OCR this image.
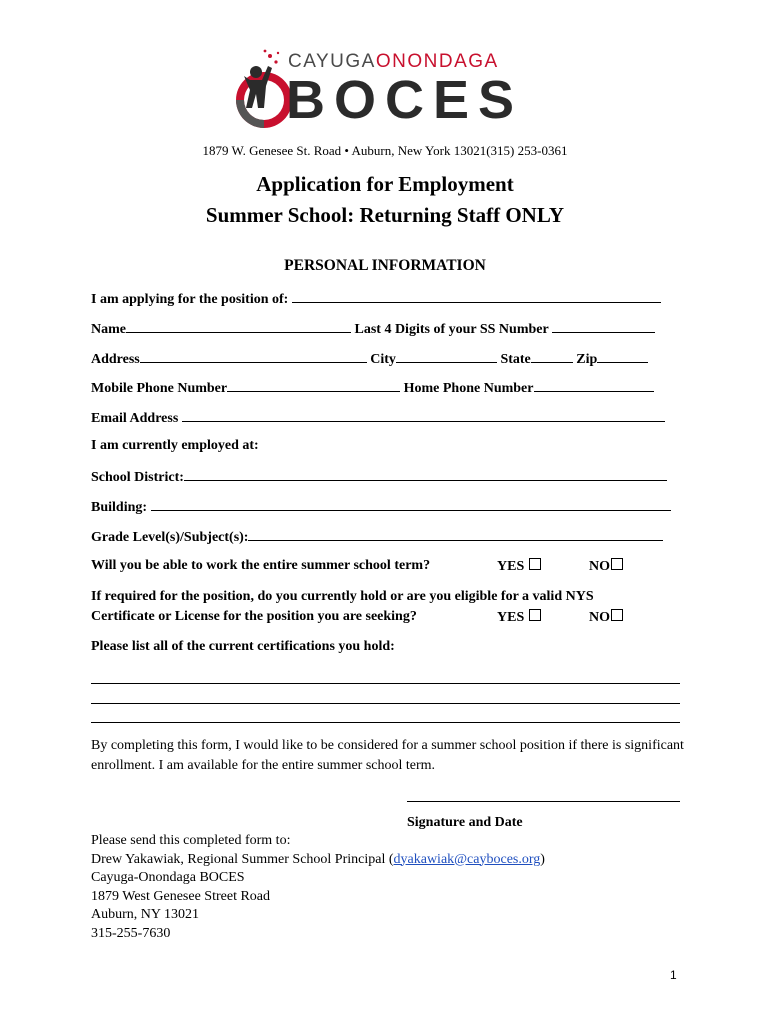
CAYUGAONONDAGA
BOCES
1879 W. Genesee St. Road • Auburn, New York 13021(315) 253-0361
Application for Employment
Summer School: Returning Staff ONLY
PERSONAL INFORMATION
I am applying for the position of:
Name	Last 4 Digits of your SS Number
Address	City	State	Zip
Mobile Phone Number	Home Phone Number
Email Address
I am currently employed at:
School District:
Building:
Grade Level(s)/Subject(s):
Will you be able to work the entire summer school term?	YES	NO
If required for the position, do you currently hold or are you eligible for a valid NYS
Certificate or License for the position you are seeking?	YES	NO
Please list all of the current certifications you hold:
By completing this form, I would like to be considered for a summer school position if there is significant enrollment. I am available for the entire summer school term.
Signature and Date
Please send this completed form to:
Drew Yakawiak, Regional Summer School Principal (dyakawiak@cayboces.org)
Cayuga-Onondaga BOCES
1879 West Genesee Street Road
Auburn, NY 13021
315-255-7630
1
